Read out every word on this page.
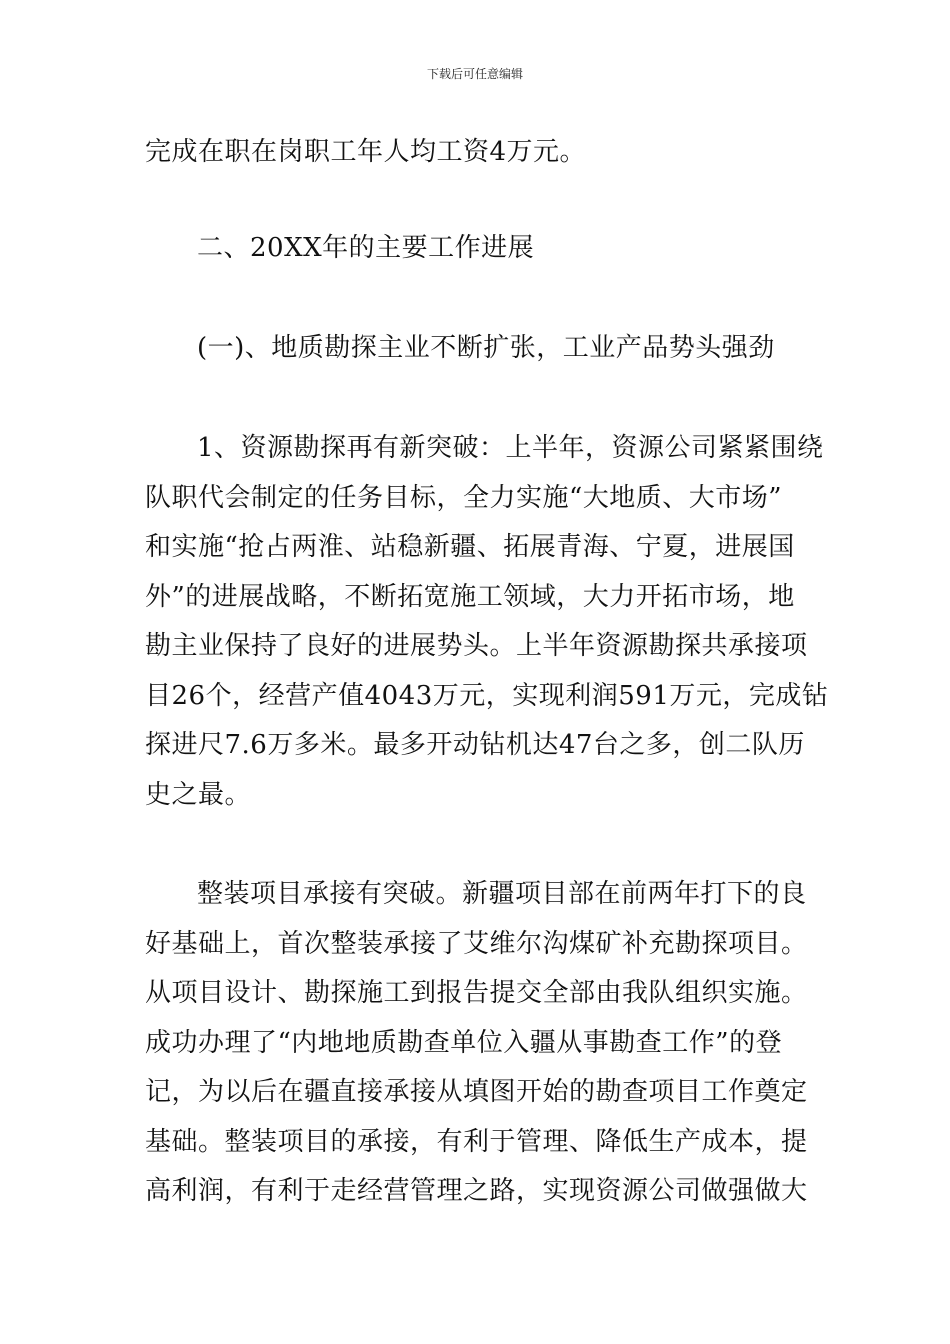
下载后可任意编辑
完成在职在岗职工年人均工资4万元。
二、20XX年的主要工作进展
(一)、地质勘探主业不断扩张，工业产品势头强劲
1、资源勘探再有新突破：上半年，资源公司紧紧围绕
队职代会制定的任务目标，全力实施“大地质、大市场”
和实施“抢占两淮、站稳新疆、拓展青海、宁夏，进展国
外”的进展战略，不断拓宽施工领域，大力开拓市场，地
勘主业保持了良好的进展势头。上半年资源勘探共承接项
目26个，经营产值4043万元，实现利润591万元，完成钻
探进尺7.6万多米。最多开动钻机达47台之多，创二队历
史之最。
整装项目承接有突破。新疆项目部在前两年打下的良
好基础上，首次整装承接了艾维尔沟煤矿补充勘探项目。
从项目设计、勘探施工到报告提交全部由我队组织实施。
成功办理了“内地地质勘查单位入疆从事勘查工作”的登
记，为以后在疆直接承接从填图开始的勘查项目工作奠定
基础。整装项目的承接，有利于管理、降低生产成本，提
高利润，有利于走经营管理之路，实现资源公司做强做大
